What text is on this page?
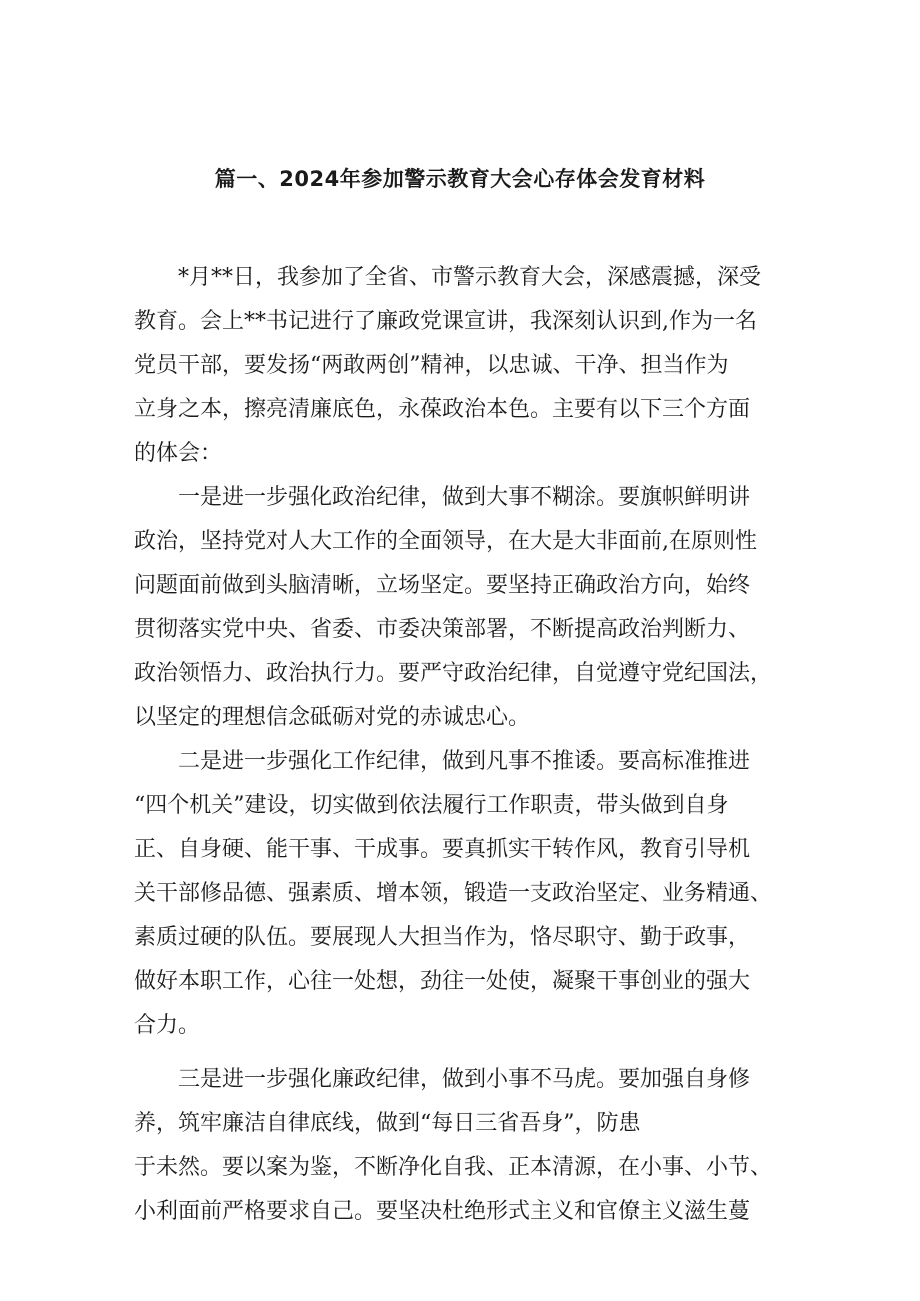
篇一、2024年参加警示教育大会心存体会发育材料
*月**日，我参加了全省、市警示教育大会，深感震撼，深受
教育。会上**书记进行了廉政党课宣讲，我深刻认识到,作为一名
党员干部，要发扬“两敢两创”精神，以忠诚、干净、担当作为
立身之本，擦亮清廉底色，永葆政治本色。主要有以下三个方面
的体会：
一是进一步强化政治纪律，做到大事不糊涂。要旗帜鲜明讲
政治，坚持党对人大工作的全面领导，在大是大非面前,在原则性
问题面前做到头脑清晰，立场坚定。要坚持正确政治方向，始终
贯彻落实党中央、省委、市委决策部署，不断提高政治判断力、
政治领悟力、政治执行力。要严守政治纪律，自觉遵守党纪国法，
以坚定的理想信念砥砺对党的赤诚忠心。
二是进一步强化工作纪律，做到凡事不推诿。要高标准推进
“四个机关”建设，切实做到依法履行工作职责，带头做到自身
正、自身硬、能干事、干成事。要真抓实干转作风，教育引导机
关干部修品德、强素质、增本领，锻造一支政治坚定、业务精通、
素质过硬的队伍。要展现人大担当作为，恪尽职守、勤于政事，
做好本职工作，心往一处想，劲往一处使，凝聚干事创业的强大
合力。
三是进一步强化廉政纪律，做到小事不马虎。要加强自身修
养，筑牢廉洁自律底线，做到“每日三省吾身”，防患
于未然。要以案为鉴，不断净化自我、正本清源，在小事、小节、
小利面前严格要求自己。要坚决杜绝形式主义和官僚主义滋生蔓
